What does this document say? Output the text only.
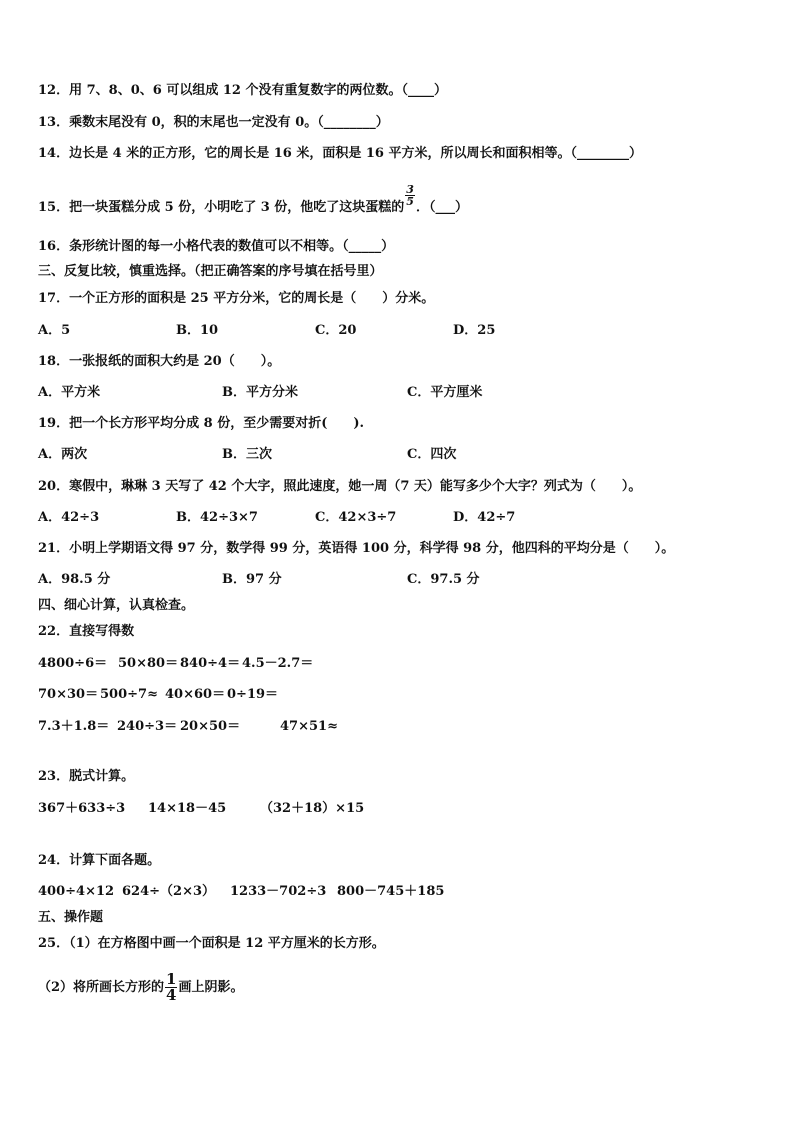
12．用 7、8、0、6 可以组成 12 个没有重复数字的两位数。（____）
13．乘数末尾没有 0，积的末尾也一定没有 0。（________）
14．边长是 4 米的正方形，它的周长是 16 米，面积是 16 平方米，所以周长和面积相等。（________）
15．把一块蛋糕分成 5 份，小明吃了 3 份，他吃了这块蛋糕的
$\frac{3}{5}$
．（___）
16．条形统计图的每一小格代表的数值可以不相等。（_____）
三、反复比较，慎重选择。（把正确答案的序号填在括号里）
17．一个正方形的面积是 25 平方分米，它的周长是（　　）分米。
A．5	B．10	C．20	D．25
18．一张报纸的面积大约是 20（　　）。
A．平方米	B．平方分米	C．平方厘米
19．把一个长方形平均分成 8 份，至少需要对折(　　).
A．两次	B．三次	C．四次
20．寒假中，琳琳 3 天写了 42 个大字，照此速度，她一周（7 天）能写多少个大字？列式为（　　）。
A．42÷3	B．42÷3×7	C．42×3÷7	D．42÷7
21．小明上学期语文得 97 分，数学得 99 分，英语得 100 分，科学得 98 分，他四科的平均分是（　　）。
A．98.5 分	B．97 分	C．97.5 分
四、细心计算，认真检查。
22．直接写得数
4800÷6＝ 50×80＝ 840÷4＝ 4.5－2.7＝
70×30＝ 500÷7≈ 40×60＝ 0÷19＝
7.3＋1.8＝ 240÷3＝ 20×50＝	47×51≈
23．脱式计算。
367＋633÷3 14×18－45	（32＋18）×15
24．计算下面各题。
400÷4×12 624÷（2×3） 1233－702÷3 800－745＋185
五、操作题
25．（1）在方格图中画一个面积是 12 平方厘米的长方形。
（2）将所画长方形的 $\frac{1}{4}$ 画上阴影。
